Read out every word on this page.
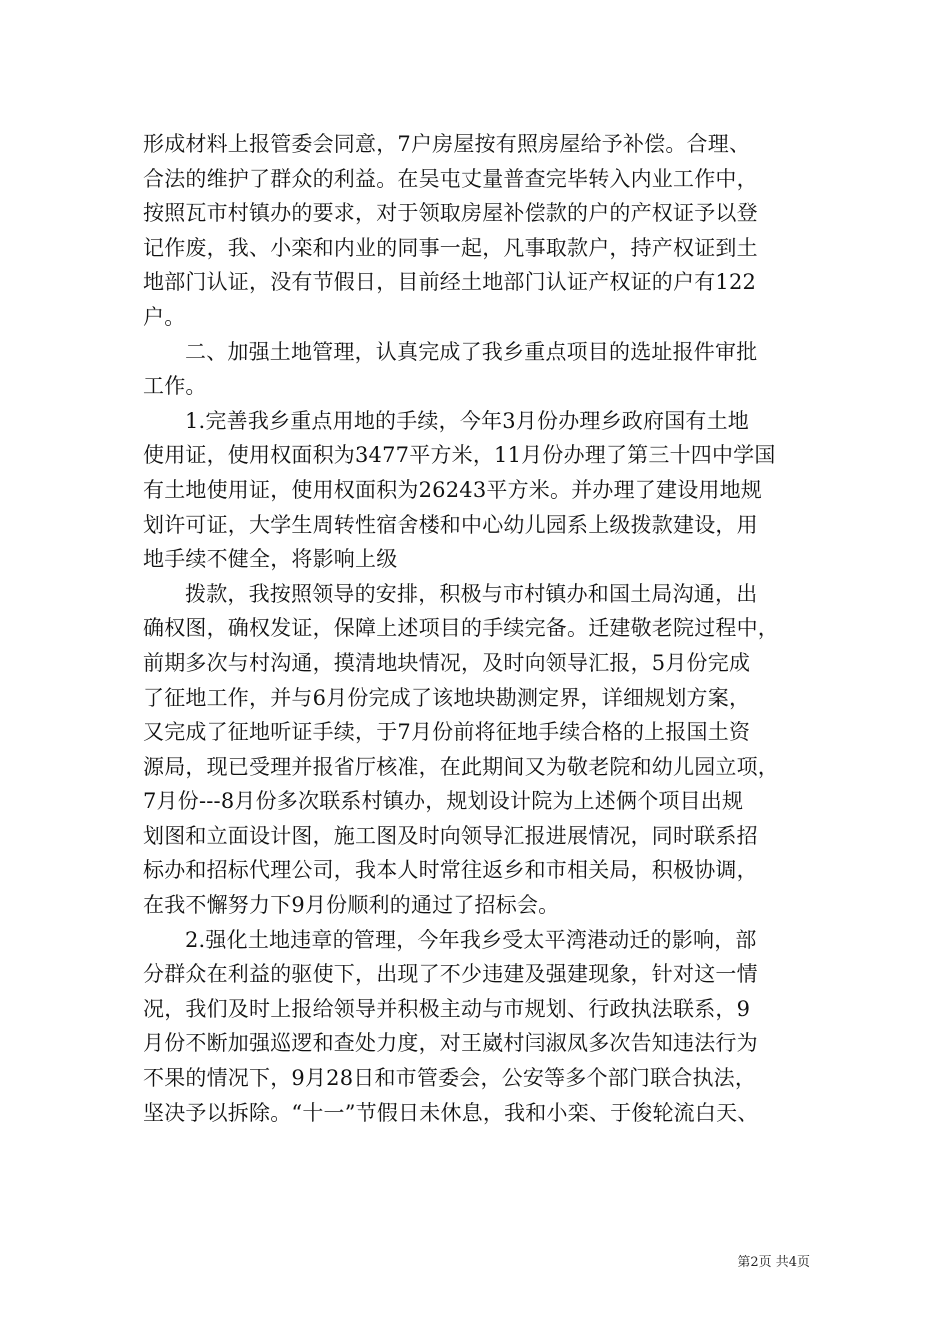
形成材料上报管委会同意，7户房屋按有照房屋给予补偿。合理、
合法的维护了群众的利益。在吴屯丈量普查完毕转入内业工作中，
按照瓦市村镇办的要求，对于领取房屋补偿款的户的产权证予以登
记作废，我、小栾和内业的同事一起，凡事取款户，持产权证到土
地部门认证，没有节假日，目前经土地部门认证产权证的户有122
户。
二、加强土地管理，认真完成了我乡重点项目的选址报件审批
工作。
1.完善我乡重点用地的手续，今年3月份办理乡政府国有土地
使用证，使用权面积为3477平方米，11月份办理了第三十四中学国
有土地使用证，使用权面积为26243平方米。并办理了建设用地规
划许可证，大学生周转性宿舍楼和中心幼儿园系上级拨款建设，用
地手续不健全，将影响上级
拨款，我按照领导的安排，积极与市村镇办和国土局沟通，出
确权图，确权发证，保障上述项目的手续完备。迁建敬老院过程中，
前期多次与村沟通，摸清地块情况，及时向领导汇报，5月份完成
了征地工作，并与6月份完成了该地块勘测定界，详细规划方案，
又完成了征地听证手续，于7月份前将征地手续合格的上报国土资
源局，现已受理并报省厅核准，在此期间又为敬老院和幼儿园立项，
7月份---8月份多次联系村镇办，规划设计院为上述俩个项目出规
划图和立面设计图，施工图及时向领导汇报进展情况，同时联系招
标办和招标代理公司，我本人时常往返乡和市相关局，积极协调，
在我不懈努力下9月份顺利的通过了招标会。
2.强化土地违章的管理，今年我乡受太平湾港动迁的影响，部
分群众在利益的驱使下，出现了不少违建及强建现象，针对这一情
况，我们及时上报给领导并积极主动与市规划、行政执法联系，9
月份不断加强巡逻和查处力度，对王崴村闫淑凤多次告知违法行为
不果的情况下，9月28日和市管委会，公安等多个部门联合执法，
坚决予以拆除。“十一”节假日未休息，我和小栾、于俊轮流白天、
第2页 共4页
